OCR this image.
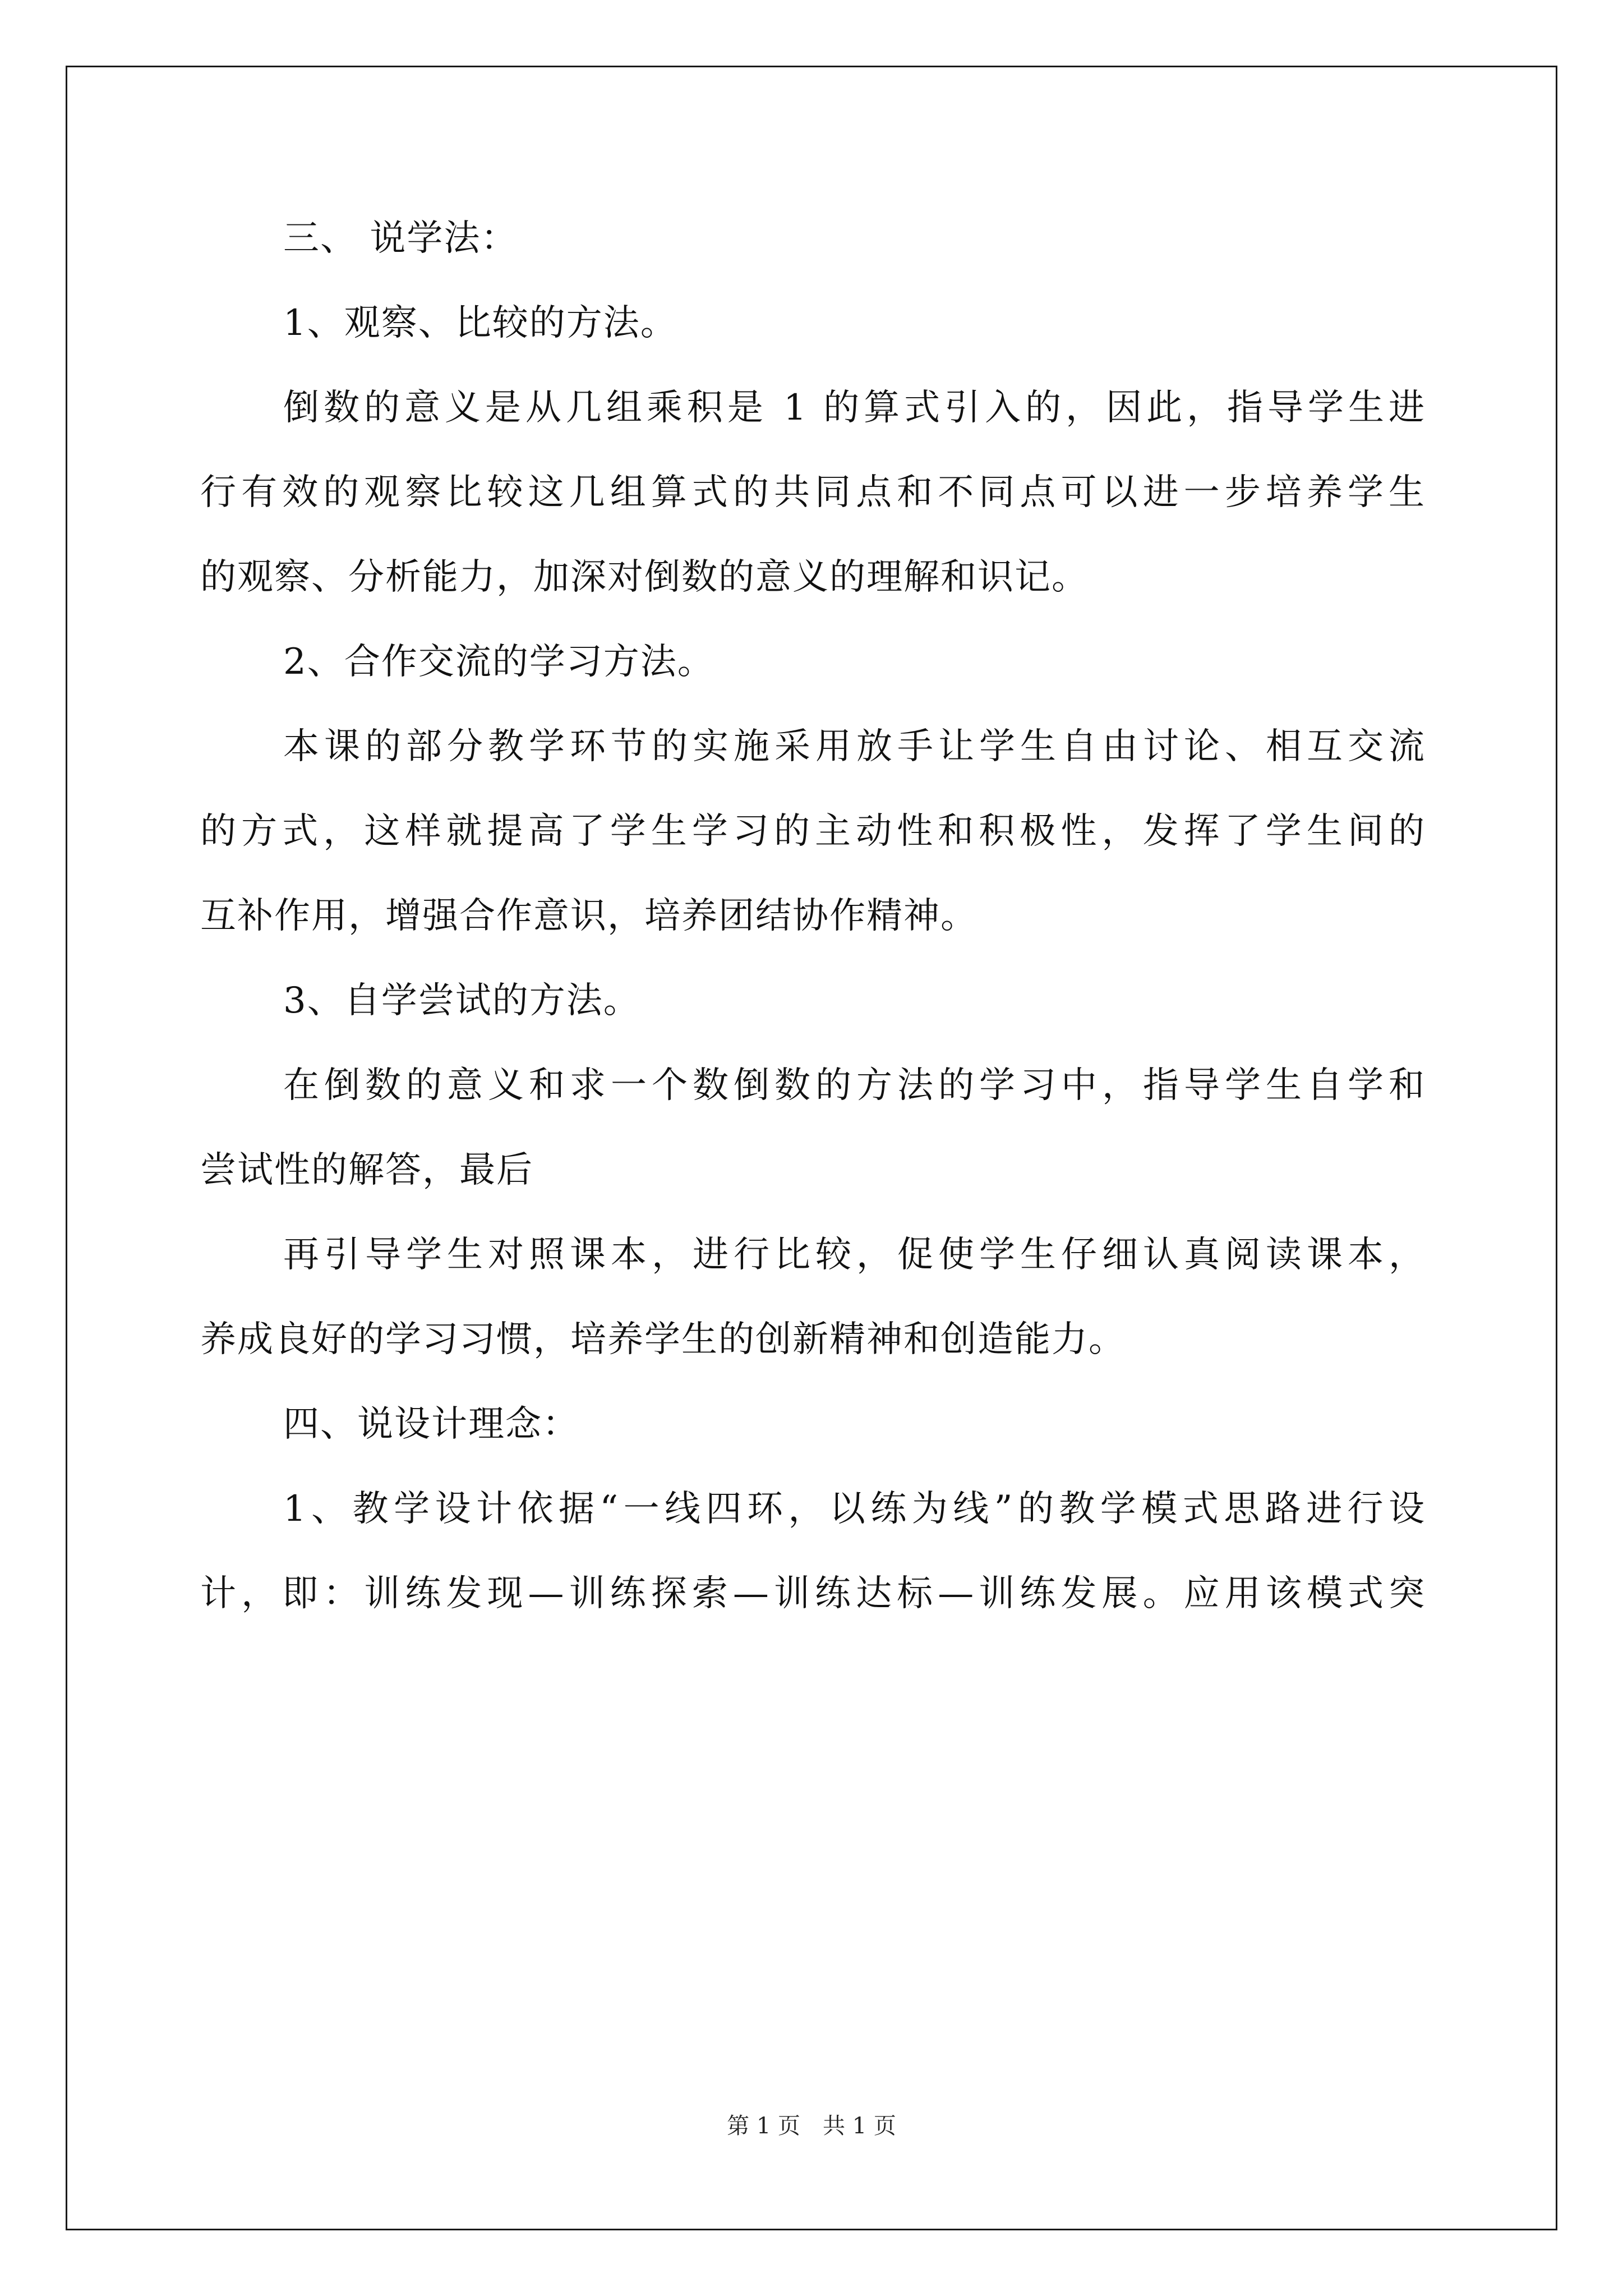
三、 说学法：
1、观察、比较的方法。
倒数的意义是从几组乘积是 1 的算式引入的，因此，指导学生进
行有效的观察比较这几组算式的共同点和不同点可以进一步培养学生
的观察、分析能力，加深对倒数的意义的理解和识记。
2、合作交流的学习方法。
本课的部分教学环节的实施采用放手让学生自由讨论、相互交流
的方式，这样就提高了学生学习的主动性和积极性，发挥了学生间的
互补作用，增强合作意识，培养团结协作精神。
3、自学尝试的方法。
在倒数的意义和求一个数倒数的方法的学习中，指导学生自学和
尝试性的解答，最后
再引导学生对照课本，进行比较，促使学生仔细认真阅读课本，
养成良好的学习习惯，培养学生的创新精神和创造能力。
四、说设计理念：
1、教学设计依据“一线四环，以练为线”的教学模式思路进行设
计，即：训练发现—训练探索—训练达标—训练发展。应用该模式突
第 1 页　共 1 页
